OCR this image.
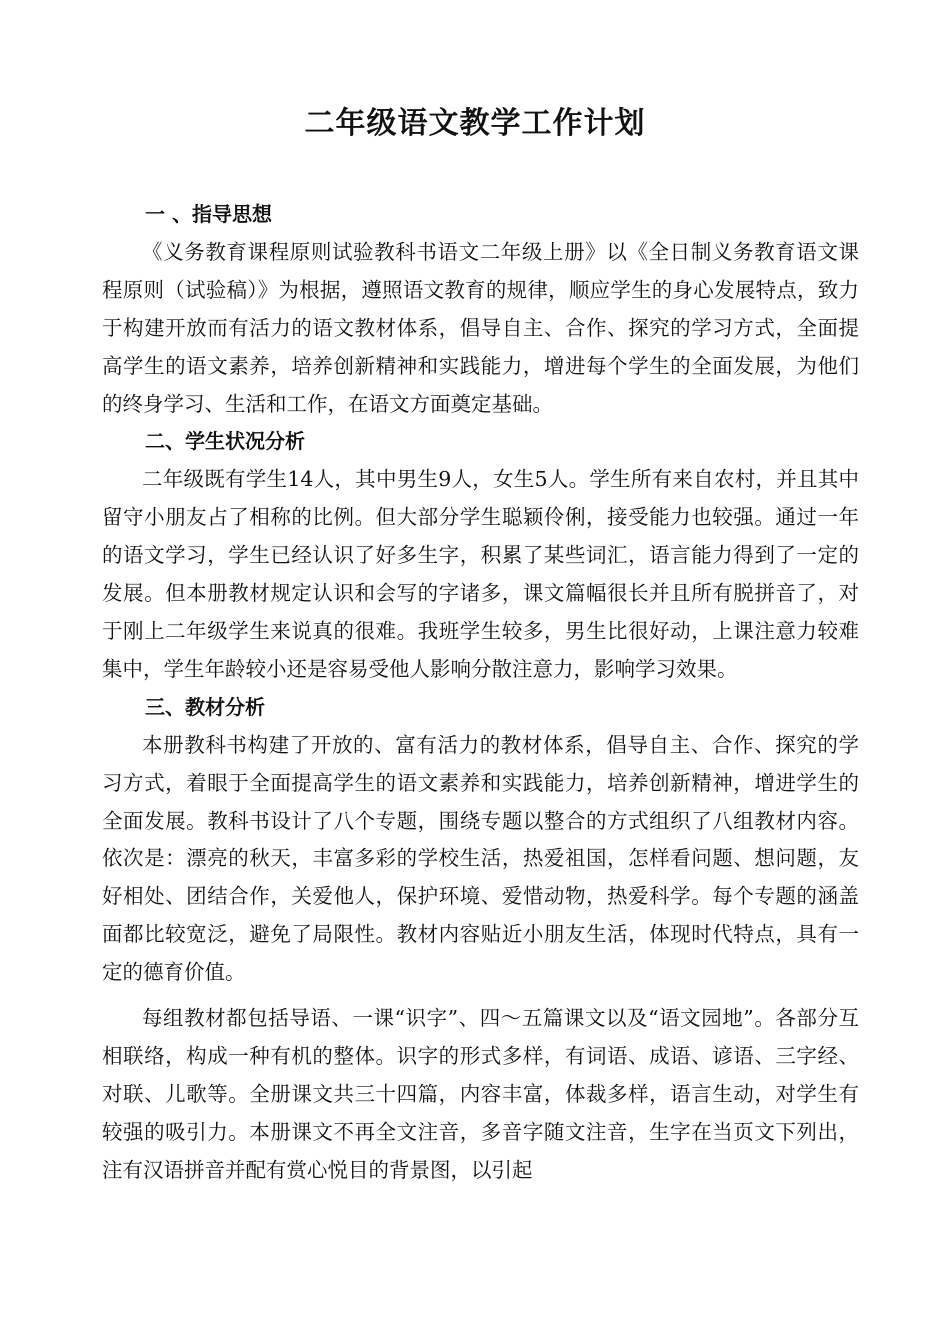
二年级语文教学工作计划

一 、指导思想

《义务教育课程原则试验教科书语文二年级上册》以《全日制义务教育语文课程原则（试验稿）》为根据，遵照语文教育的规律，顺应学生的身心发展特点，致力于构建开放而有活力的语文教材体系，倡导自主、合作、探究的学习方式，全面提高学生的语文素养，培养创新精神和实践能力，增进每个学生的全面发展，为他们的终身学习、生活和工作，在语文方面奠定基础。

二、学生状况分析

二年级既有学生14人，其中男生9人，女生5人。学生所有来自农村，并且其中留守小朋友占了相称的比例。但大部分学生聪颖伶俐，接受能力也较强。通过一年的语文学习，学生已经认识了好多生字，积累了某些词汇，语言能力得到了一定的发展。但本册教材规定认识和会写的字诸多，课文篇幅很长并且所有脱拼音了，对于刚上二年级学生来说真的很难。我班学生较多，男生比很好动，上课注意力较难集中，学生年龄较小还是容易受他人影响分散注意力，影响学习效果。

三、教材分析

本册教科书构建了开放的、富有活力的教材体系，倡导自主、合作、探究的学习方式，着眼于全面提高学生的语文素养和实践能力，培养创新精神，增进学生的全面发展。教科书设计了八个专题，围绕专题以整合的方式组织了八组教材内容。依次是：漂亮的秋天，丰富多彩的学校生活，热爱祖国，怎样看问题、想问题，友好相处、团结合作，关爱他人，保护环境、爱惜动物，热爱科学。每个专题的涵盖面都比较宽泛，避免了局限性。教材内容贴近小朋友生活，体现时代特点，具有一定的德育价值。

每组教材都包括导语、一课“识字”、四～五篇课文以及“语文园地”。各部分互相联络，构成一种有机的整体。识字的形式多样，有词语、成语、谚语、三字经、对联、儿歌等。全册课文共三十四篇，内容丰富，体裁多样，语言生动，对学生有较强的吸引力。本册课文不再全文注音，多音字随文注音，生字在当页文下列出，注有汉语拼音并配有赏心悦目的背景图，以引起
